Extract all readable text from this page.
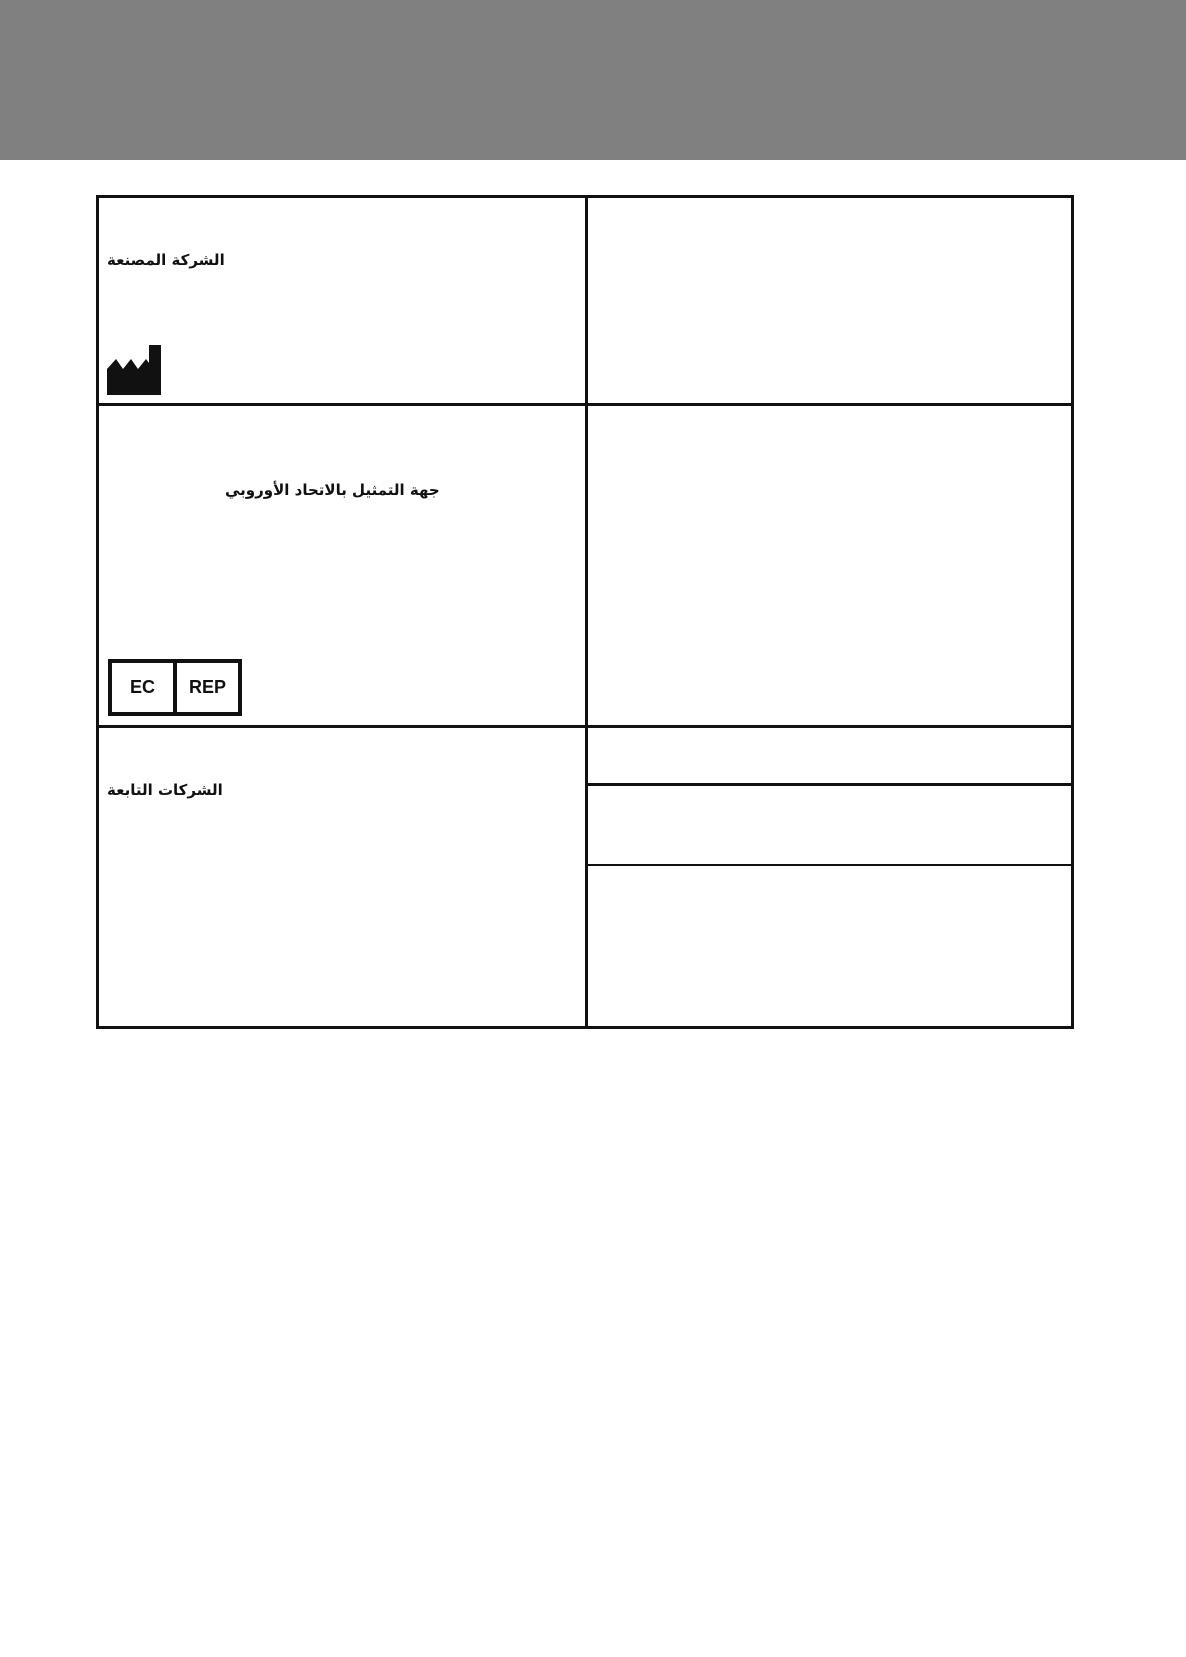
الشركة المصنعة
جهة التمثيل بالاتحاد الأوروبي
EC	REP
الشركات التابعة
